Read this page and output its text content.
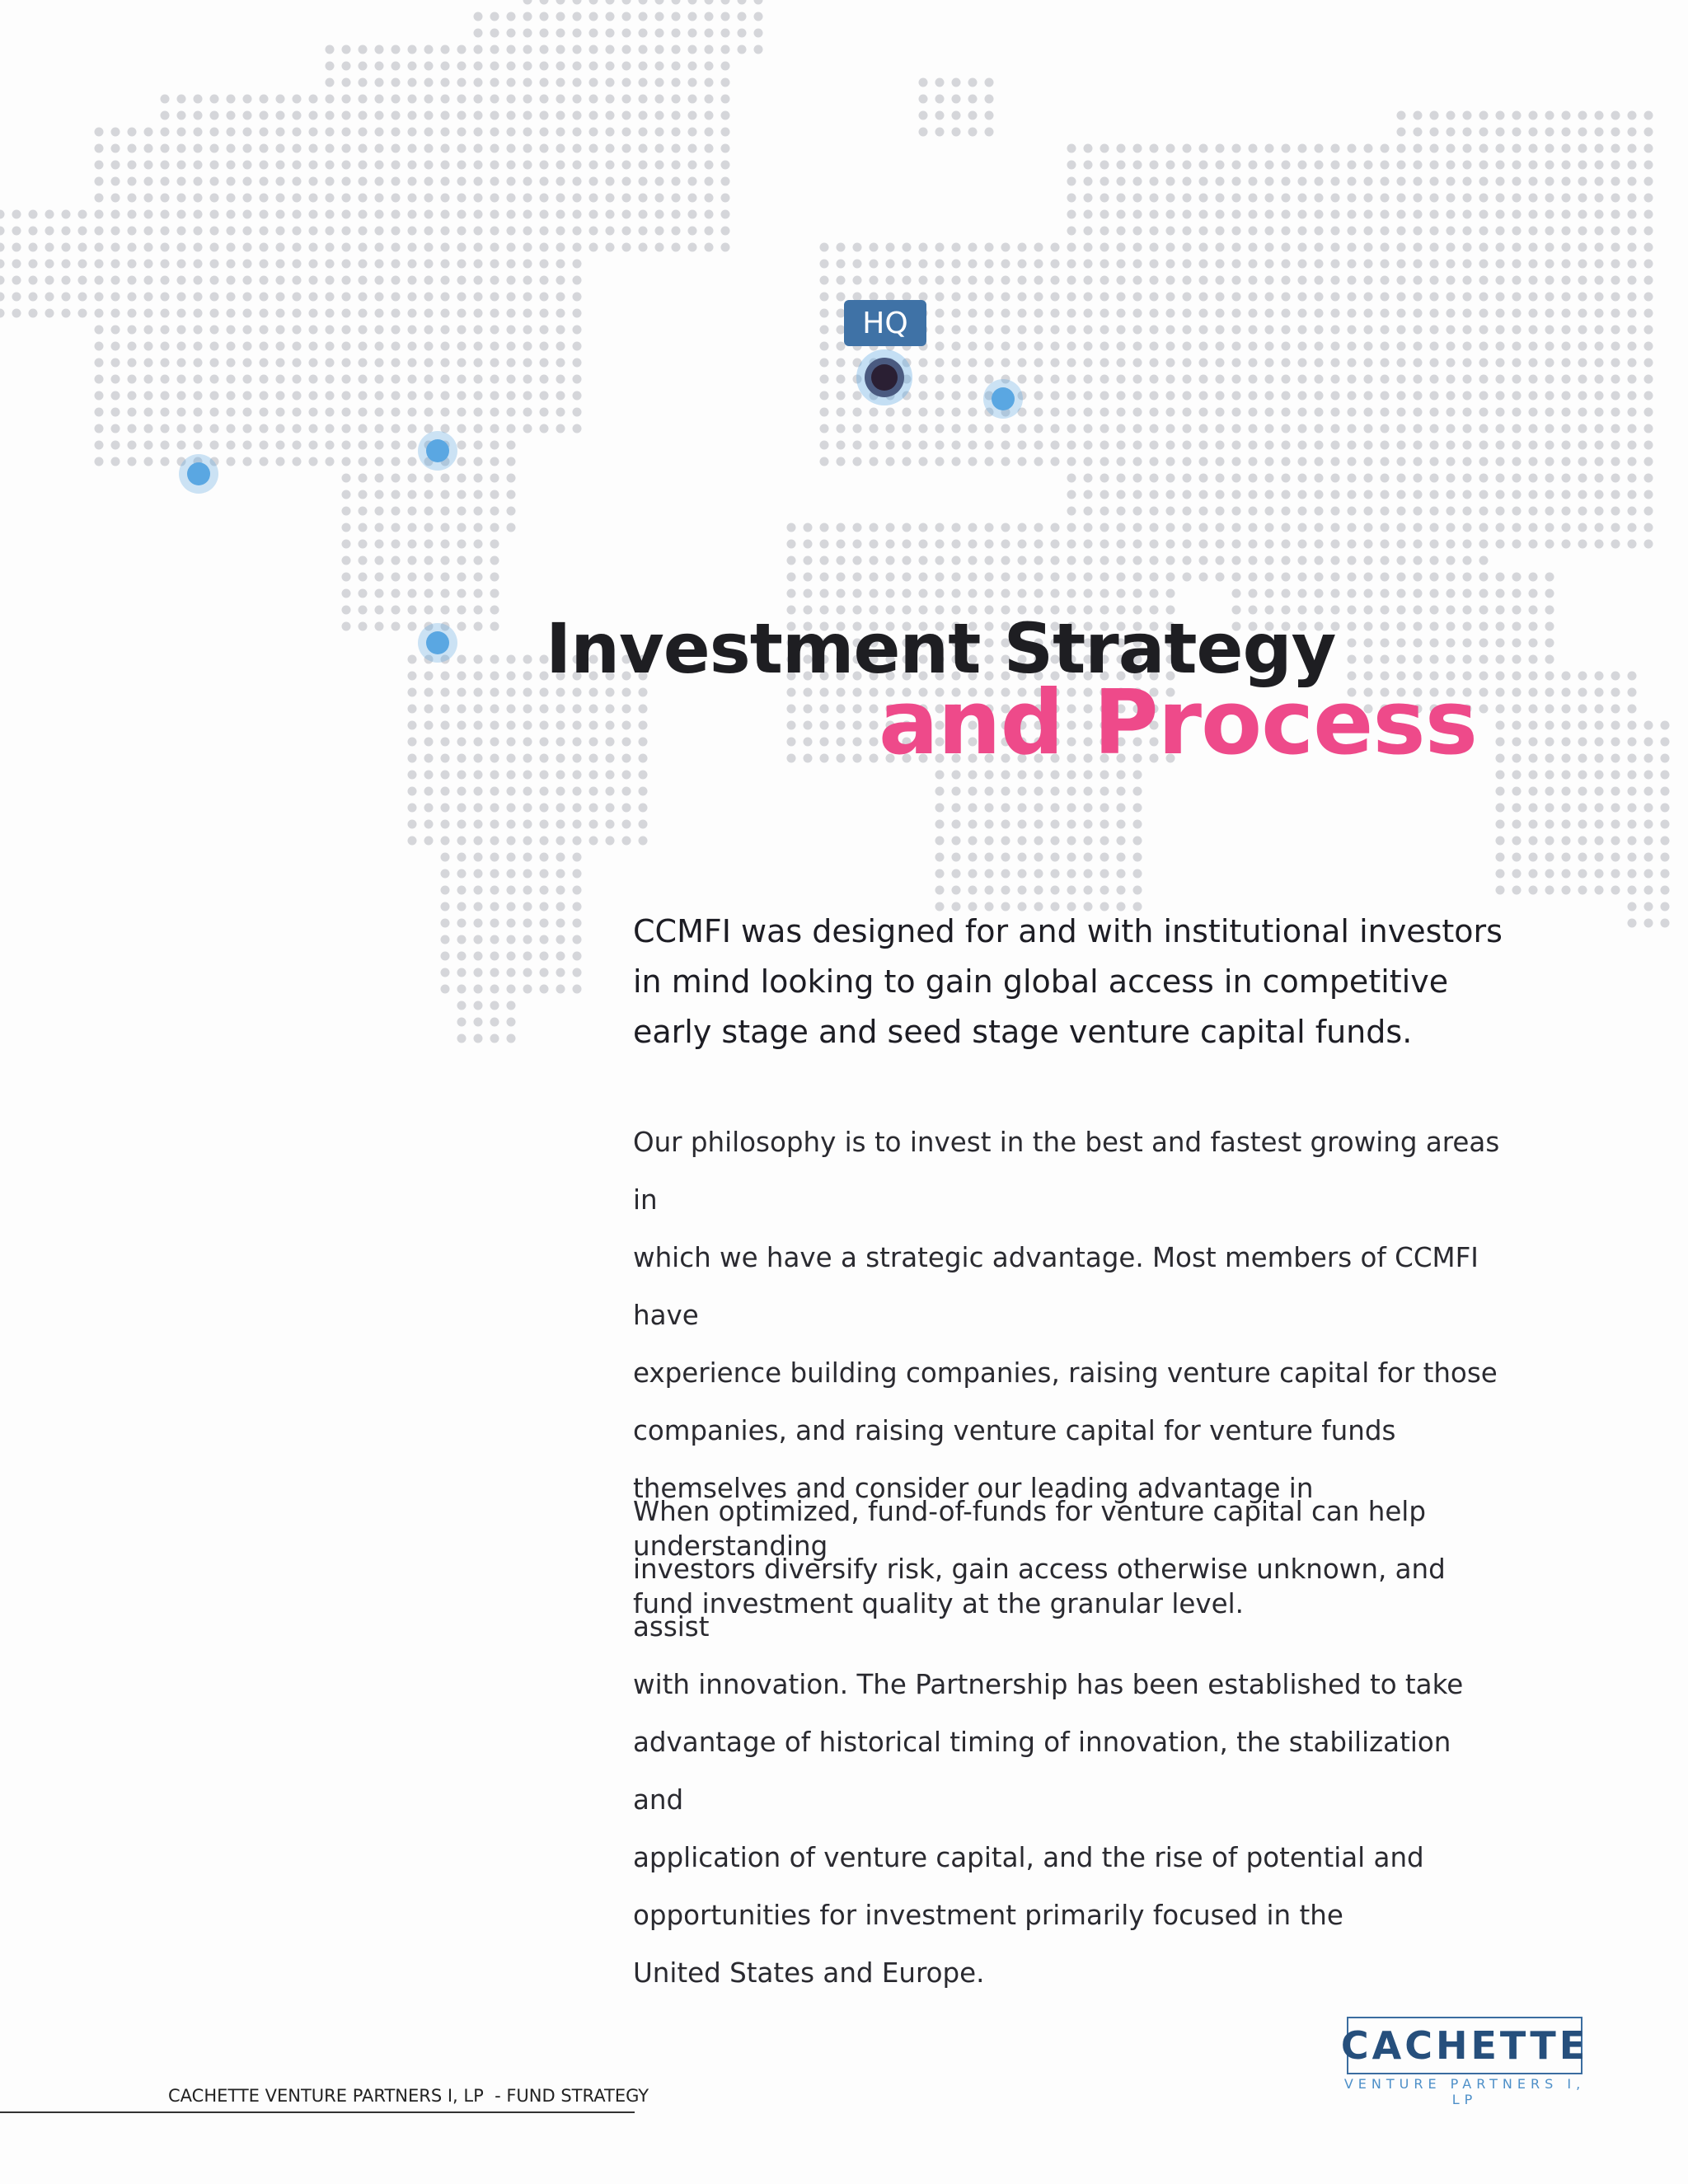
HQ
Investment Strategy
and Process

CCMFI was designed for and with institutional investors in mind looking to gain global access in competitive early stage and seed stage venture capital funds.

Our philosophy is to invest in the best and fastest growing areas in
which we have a strategic advantage. Most members of CCMFI have
experience building companies, raising venture capital for those
companies, and raising venture capital for venture funds
themselves and consider our leading advantage in understanding
fund investment quality at the granular level.

When optimized, fund-of-funds for venture capital can help
investors diversify risk, gain access otherwise unknown, and assist
with innovation. The Partnership has been established to take
advantage of historical timing of innovation, the stabilization and
application of venture capital, and the rise of potential and
opportunities for investment primarily focused in the
United States and Europe.

CACHETTE
VENTURE PARTNERS I, LP
CACHETTE VENTURE PARTNERS I, LP  - FUND STRATEGY
